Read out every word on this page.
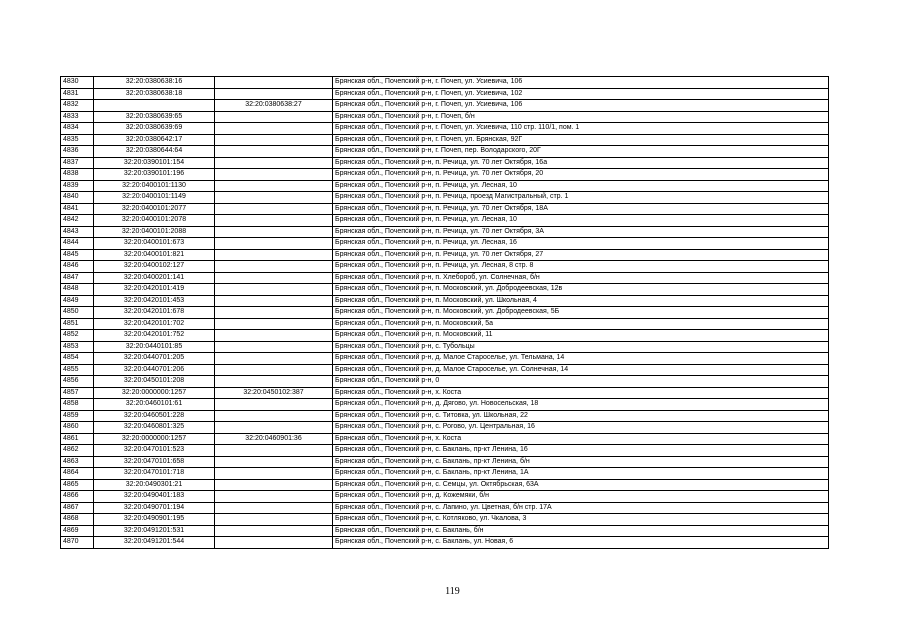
4830	32:20:0380638:16		Брянская обл., Почепский р-н, г. Почеп, ул. Усиевича, 106
4831	32:20:0380638:18		Брянская обл., Почепский р-н, г. Почеп, ул. Усиевича, 102
4832		32:20:0380638:27	Брянская обл., Почепский р-н, г. Почеп, ул. Усиевича, 106
4833	32:20:0380639:65		Брянская обл., Почепский р-н, г. Почеп, б/н
4834	32:20:0380639:69		Брянская обл., Почепский р-н, г. Почеп, ул. Усиевича, 110 стр. 110/1, пом. 1
4835	32:20:0380642:17		Брянская обл., Почепский р-н, г. Почеп, ул. Брянская, 92Г
4836	32:20:0380644:64		Брянская обл., Почепский р-н, г. Почеп, пер. Володарского, 20Г
4837	32:20:0390101:154		Брянская обл., Почепский р-н, п. Речица, ул. 70 лет Октября, 16а
4838	32:20:0390101:196		Брянская обл., Почепский р-н, п. Речица, ул. 70 лет Октября, 20
4839	32:20:0400101:1130		Брянская обл., Почепский р-н, п. Речица, ул. Лесная, 10
4840	32:20:0400101:1149		Брянская обл., Почепский р-н, п. Речица, проезд Магистральный, стр. 1
4841	32:20:0400101:2077		Брянская обл., Почепский р-н, п. Речица, ул. 70 лет Октября, 18А
4842	32:20:0400101:2078		Брянская обл., Почепский р-н, п. Речица, ул. Лесная, 10
4843	32:20:0400101:2088		Брянская обл., Почепский р-н, п. Речица, ул. 70 лет Октября, 3А
4844	32:20:0400101:673		Брянская обл., Почепский р-н, п. Речица, ул. Лесная, 16
4845	32:20:0400101:821		Брянская обл., Почепский р-н, п. Речица, ул. 70 лет Октября, 27
4846	32:20:0400102:127		Брянская обл., Почепский р-н, п. Речица, ул. Лесная, 8 стр. 8
4847	32:20:0400201:141		Брянская обл., Почепский р-н, п. Хлебороб, ул. Солнечная, б/н
4848	32:20:0420101:419		Брянская обл., Почепский р-н, п. Московский, ул. Добродеевская, 12в
4849	32:20:0420101:453		Брянская обл., Почепский р-н, п. Московский, ул. Школьная, 4
4850	32:20:0420101:678		Брянская обл., Почепский р-н, п. Московский, ул. Добродеевская, 5Б
4851	32:20:0420101:702		Брянская обл., Почепский р-н, п. Московский, 5а
4852	32:20:0420101:752		Брянская обл., Почепский р-н, п. Московский, 11
4853	32:20:0440101:85		Брянская обл., Почепский р-н, с. Тубольцы
4854	32:20:0440701:205		Брянская обл., Почепский р-н, д. Малое Староселье, ул. Тельмана, 14
4855	32:20:0440701:206		Брянская обл., Почепский р-н, д. Малое Староселье, ул. Солнечная, 14
4856	32:20:0450101:208		Брянская обл., Почепский р-н, 0
4857	32:20:0000000:1257	32:20:0450102:387	Брянская обл., Почепский р-н, х. Коста
4858	32:20:0460101:61		Брянская обл., Почепский р-н, д. Дягово, ул. Новосельская, 18
4859	32:20:0460501:228		Брянская обл., Почепский р-н, с. Титовка, ул. Школьная, 22
4860	32:20:0460801:325		Брянская обл., Почепский р-н, с. Рогово, ул. Центральная, 16
4861	32:20:0000000:1257	32:20:0460901:36	Брянская обл., Почепский р-н, х. Коста
4862	32:20:0470101:523		Брянская обл., Почепский р-н, с. Баклань, пр-кт Ленина, 16
4863	32:20:0470101:658		Брянская обл., Почепский р-н, с. Баклань, пр-кт Ленина, б/н
4864	32:20:0470101:718		Брянская обл., Почепский р-н, с. Баклань, пр-кт Ленина, 1А
4865	32:20:0490301:21		Брянская обл., Почепский р-н, с. Семцы, ул. Октябрьская, 63А
4866	32:20:0490401:183		Брянская обл., Почепский р-н, д. Кожемяки, б/н
4867	32:20:0490701:194		Брянская обл., Почепский р-н, с. Лапино, ул. Цветная, б/н стр. 17А
4868	32:20:0490901:195		Брянская обл., Почепский р-н, с. Котляково, ул. Чкалова, 3
4869	32:20:0491201:531		Брянская обл., Почепский р-н, с. Баклань, б/н
4870	32:20:0491201:544		Брянская обл., Почепский р-н, с. Баклань, ул. Новая, 6
119
